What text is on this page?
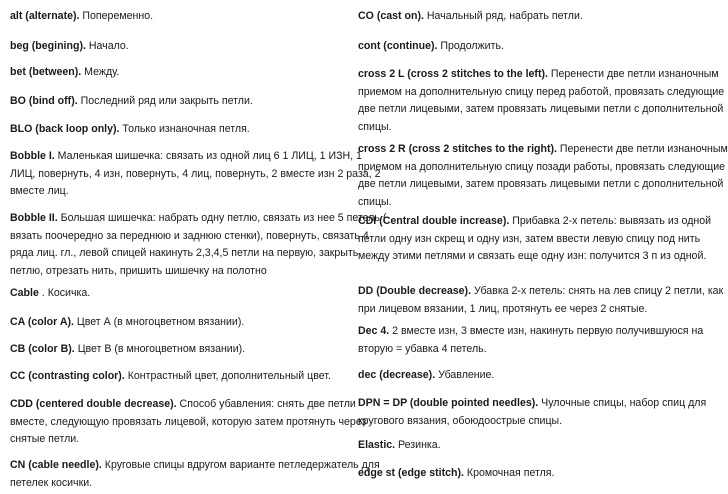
alt (alternate). Попеременно.

beg (begining). Начало.

bet (between). Между.

BO (bind off). Последний ряд или закрыть петли.

BLO (back loop only). Только изнаночная петля.

Bobble I. Маленькая шишечка: связать из одной лиц 6 1 ЛИЦ, 1 ИЗН, 1
ЛИЦ, повернуть, 4 изн, повернуть, 4 лиц, повернуть, 2 вместе изн 2 раза, 2
вместе лиц.

Bobble II. Большая шишечка: набрать одну петлю, связать из нее 5 петель (
вязать поочередно за переднюю и заднюю стенки), повернуть, связать 4
ряда лиц. гл., левой спицей накинуть 2,3,4,5 петли на первую, закрыть
петлю, отрезать нить, пришить шишечку на полотно

Cable . Косичка.

CA (color A). Цвет А (в многоцветном вязании).

CB (color B). Цвет В (в многоцветном вязании).

CC (contrasting color). Контрастный цвет, дополнительный цвет.

CDD (centered double decrease). Способ убавления: снять две петли
вместе, следующую провязать лицевой, которую затем протянуть через
снятые петли.

CN (cable needle). Круговые спицы вдругом варианте петледержатель для
петелек косички.

CO (cast on). Начальный ряд, набрать петли.

cont (continue). Продолжить.

cross 2 L (cross 2 stitches to the left). Перенести две петли изнаночным
приемом на дополнительную спицу перед работой, провязать следующие
две петли лицевыми, затем провязать лицевыми петли с дополнительной
спицы.

cross 2 R (cross 2 stitches to the right). Перенести две петли изнаночным
приемом на дополнительную спицу позади работы, провязать следующие
две петли лицевыми, затем провязать лицевыми петли с дополнительной
спицы.

CDI (Central double increase). Прибавка 2-х петель: вывязать из одной
петли одну изн скрещ и одну изн, затем ввести левую спицу под нить
между этими петлями и связать еще одну изн: получится 3 п из одной.

DD (Double decrease). Убавка 2-х петель: снять на лев спицу 2 петли, как
при лицевом вязании, 1 лиц, протянуть ее через 2 снятые.

Dec 4. 2 вместе изн, 3 вместе изн, накинуть первую получившуюся на
вторую = убавка 4 петель.

dec (decrease). Убавление.

DPN = DP (double pointed needles). Чулочные спицы, набор спиц для
кругового вязания, обоюдоострые спицы.

Elastic. Резинка.

edge st (edge stitch). Кромочная петля.
